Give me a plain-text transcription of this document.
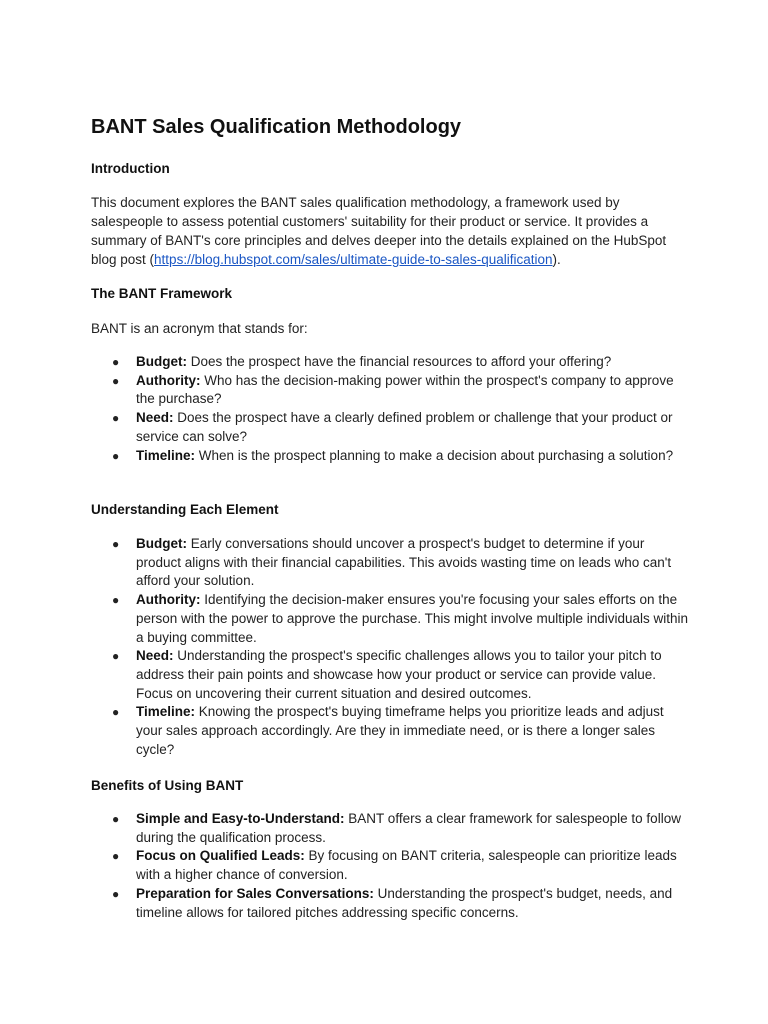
BANT Sales Qualification Methodology
Introduction

This document explores the BANT sales qualification methodology, a framework used by salespeople to assess potential customers' suitability for their product or service. It provides a summary of BANT's core principles and delves deeper into the details explained on the HubSpot blog post (https://blog.hubspot.com/sales/ultimate-guide-to-sales-qualification).

The BANT Framework

BANT is an acronym that stands for:

● Budget: Does the prospect have the financial resources to afford your offering?
● Authority: Who has the decision-making power within the prospect's company to approve the purchase?
● Need: Does the prospect have a clearly defined problem or challenge that your product or service can solve?
● Timeline: When is the prospect planning to make a decision about purchasing a solution?
Understanding Each Element
● Budget: Early conversations should uncover a prospect's budget to determine if your product aligns with their financial capabilities. This avoids wasting time on leads who can't afford your solution.
● Authority: Identifying the decision-maker ensures you're focusing your sales efforts on the person with the power to approve the purchase. This might involve multiple individuals within a buying committee.
● Need: Understanding the prospect's specific challenges allows you to tailor your pitch to address their pain points and showcase how your product or service can provide value. Focus on uncovering their current situation and desired outcomes.
● Timeline: Knowing the prospect's buying timeframe helps you prioritize leads and adjust your sales approach accordingly. Are they in immediate need, or is there a longer sales cycle?
Benefits of Using BANT
● Simple and Easy-to-Understand: BANT offers a clear framework for salespeople to follow during the qualification process.
● Focus on Qualified Leads: By focusing on BANT criteria, salespeople can prioritize leads with a higher chance of conversion.
● Preparation for Sales Conversations: Understanding the prospect's budget, needs, and timeline allows for tailored pitches addressing specific concerns.
